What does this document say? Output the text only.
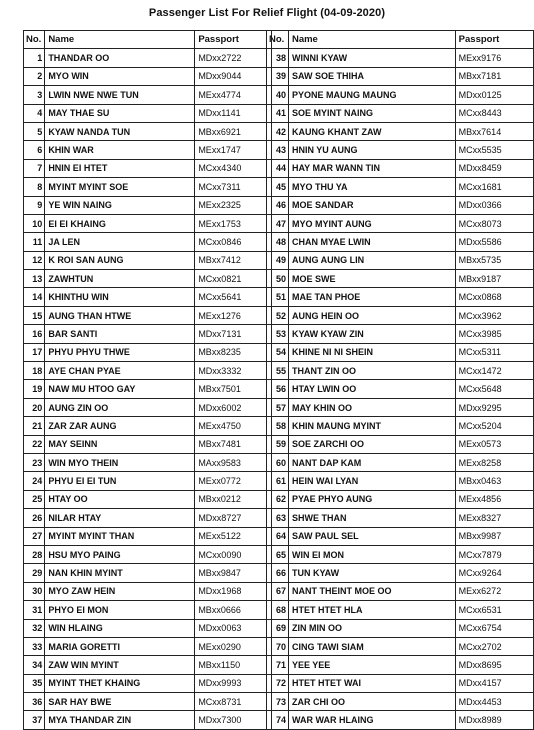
Passenger List For Relief Flight (04-09-2020)
No.	Name	Passport
1	THANDAR OO	MDxx2722
2	MYO WIN	MDxx9044
3	LWIN NWE NWE TUN	MExx4774
4	MAY THAE SU	MDxx1141
5	KYAW NANDA TUN	MBxx6921
6	KHIN WAR	MExx1747
7	HNIN EI HTET	MCxx4340
8	MYINT MYINT SOE	MCxx7311
9	YE WIN NAING	MExx2325
10	EI EI KHAING	MExx1753
11	JA LEN	MCxx0846
12	K ROI SAN AUNG	MBxx7412
13	ZAWHTUN	MCxx0821
14	KHINTHU WIN	MCxx5641
15	AUNG THAN HTWE	MExx1276
16	BAR SANTI	MDxx7131
17	PHYU PHYU THWE	MBxx8235
18	AYE CHAN PYAE	MDxx3332
19	NAW MU HTOO GAY	MBxx7501
20	AUNG ZIN OO	MDxx6002
21	ZAR ZAR AUNG	MExx4750
22	MAY SEINN	MBxx7481
23	WIN MYO THEIN	MAxx9583
24	PHYU EI EI TUN	MExx0772
25	HTAY OO	MBxx0212
26	NILAR HTAY	MDxx8727
27	MYINT MYINT THAN	MExx5122
28	HSU MYO PAING	MCxx0090
29	NAN KHIN MYINT	MBxx9847
30	MYO ZAW HEIN	MDxx1968
31	PHYO EI MON	MBxx0666
32	WIN HLAING	MDxx0063
33	MARIA GORETTI	MExx0290
34	ZAW WIN MYINT	MBxx1150
35	MYINT THET KHAING	MDxx9993
36	SAR HAY BWE	MCxx8731
37	MYA THANDAR ZIN	MDxx7300
No.	Name	Passport
38	WINNI KYAW	MExx9176
39	SAW SOE THIHA	MBxx7181
40	PYONE MAUNG MAUNG	MDxx0125
41	SOE MYINT NAING	MCxx8443
42	KAUNG KHANT ZAW	MBxx7614
43	HNIN YU AUNG	MCxx5535
44	HAY MAR WANN TIN	MDxx8459
45	MYO THU YA	MCxx1681
46	MOE SANDAR	MDxx0366
47	MYO MYINT AUNG	MCxx8073
48	CHAN MYAE LWIN	MDxx5586
49	AUNG AUNG LIN	MBxx5735
50	MOE SWE	MBxx9187
51	MAE TAN PHOE	MCxx0868
52	AUNG HEIN OO	MCxx3962
53	KYAW KYAW ZIN	MCxx3985
54	KHINE NI NI SHEIN	MCxx5311
55	THANT ZIN OO	MCxx1472
56	HTAY LWIN OO	MCxx5648
57	MAY KHIN OO	MDxx9295
58	KHIN MAUNG MYINT	MCxx5204
59	SOE ZARCHI OO	MExx0573
60	NANT DAP KAM	MExx8258
61	HEIN WAI LYAN	MBxx0463
62	PYAE PHYO AUNG	MExx4856
63	SHWE THAN	MExx8327
64	SAW PAUL SEL	MBxx9987
65	WIN EI MON	MCxx7879
66	TUN KYAW	MCxx9264
67	NANT THEINT MOE OO	MExx6272
68	HTET HTET HLA	MCxx6531
69	ZIN MIN OO	MCxx6754
70	CING TAWI SIAM	MCxx2702
71	YEE YEE	MDxx8695
72	HTET HTET WAI	MDxx4157
73	ZAR CHI OO	MDxx4453
74	WAR WAR HLAING	MDxx8989
